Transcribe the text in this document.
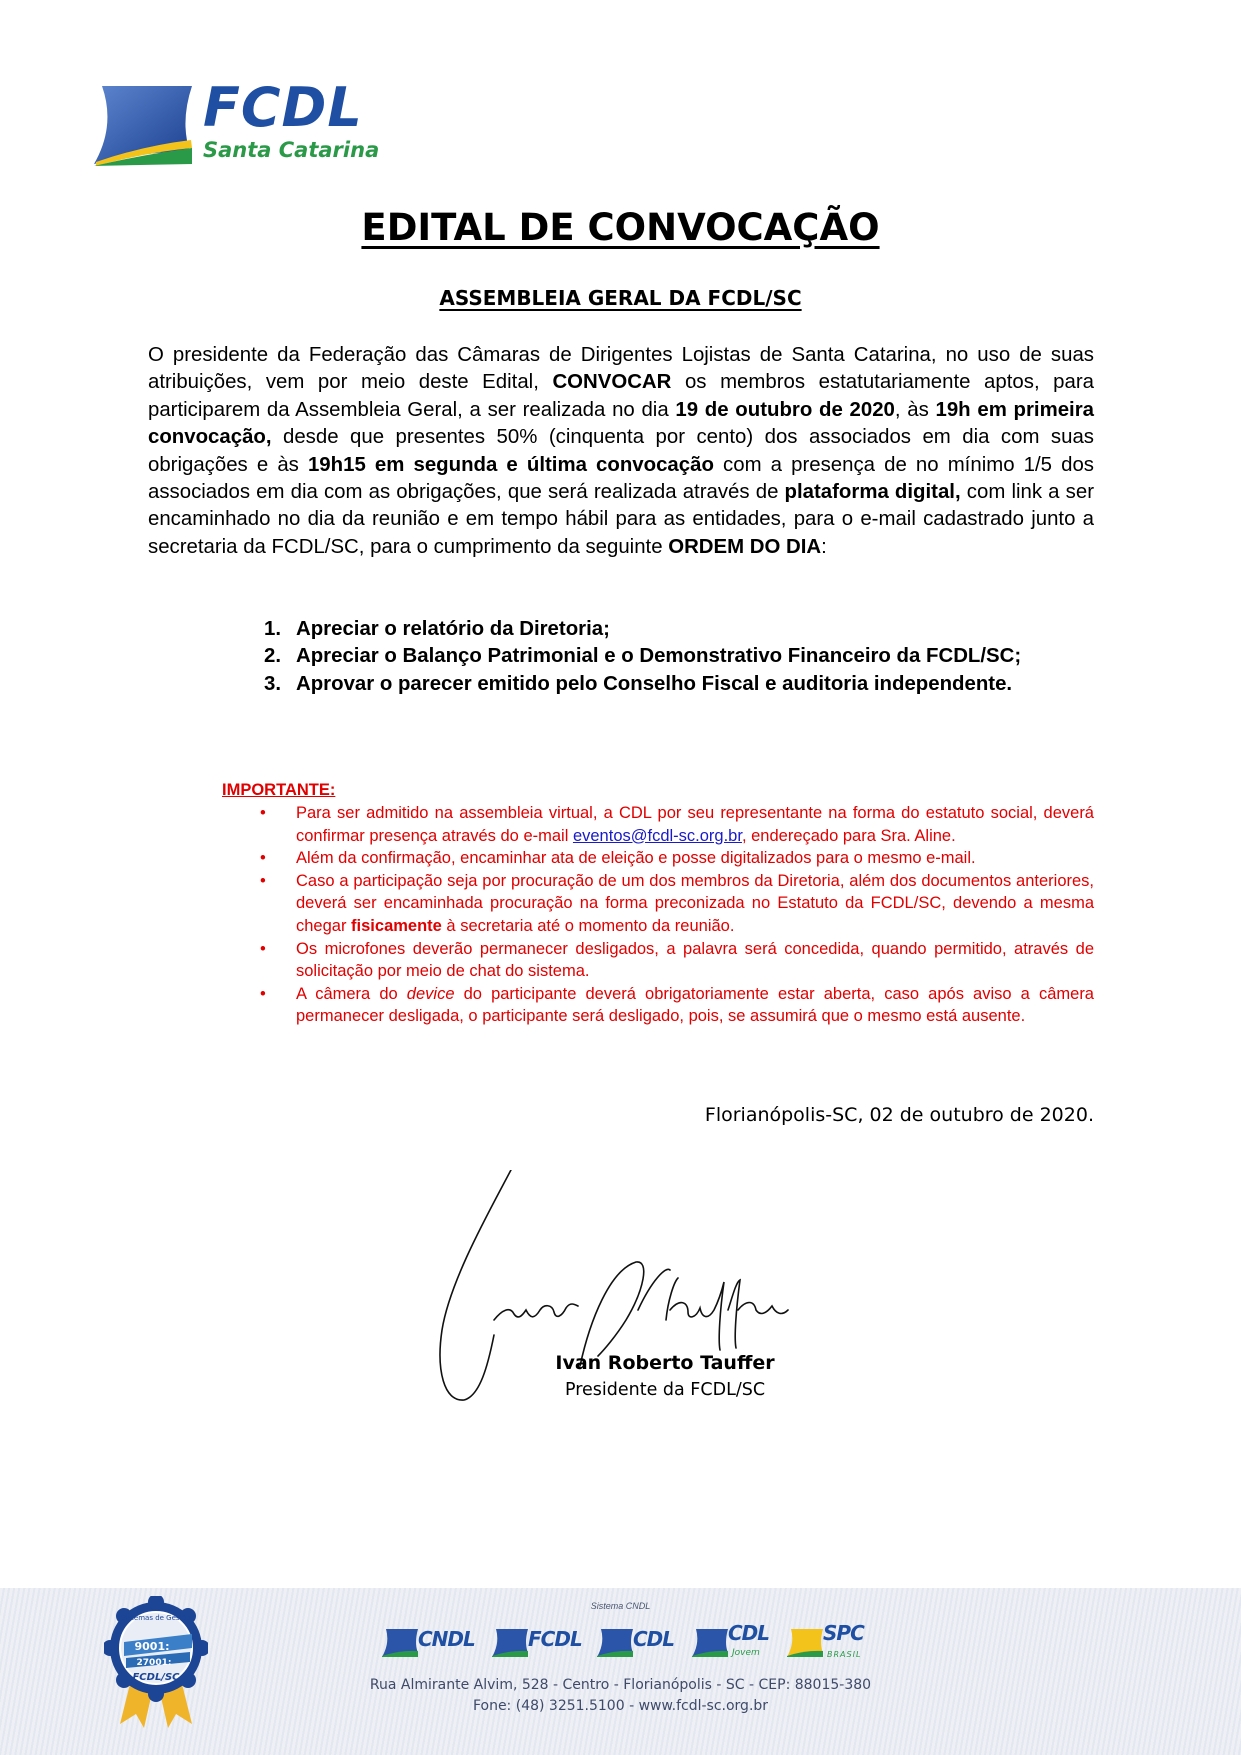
FCDL
Santa Catarina
EDITAL DE CONVOCAÇÃO
ASSEMBLEIA GERAL DA FCDL/SC
O presidente da Federação das Câmaras de Dirigentes Lojistas de Santa Catarina, no uso de suas atribuições, vem por meio deste Edital, CONVOCAR os membros estatutariamente aptos, para participarem da Assembleia Geral, a ser realizada no dia 19 de outubro de 2020, às 19h em primeira convocação, desde que presentes 50% (cinquenta por cento) dos associados em dia com suas obrigações e às 19h15 em segunda e última convocação com a presença de no mínimo 1/5 dos associados em dia com as obrigações, que será realizada através de plataforma digital, com link a ser encaminhado no dia da reunião e em tempo hábil para as entidades, para o e-mail cadastrado junto a secretaria da FCDL/SC, para o cumprimento da seguinte ORDEM DO DIA:
1. Apreciar o relatório da Diretoria;
2. Apreciar o Balanço Patrimonial e o Demonstrativo Financeiro da FCDL/SC;
3. Aprovar o parecer emitido pelo Conselho Fiscal e auditoria independente.
IMPORTANTE:
• Para ser admitido na assembleia virtual, a CDL por seu representante na forma do estatuto social, deverá confirmar presença através do e-mail eventos@fcdl-sc.org.br, endereçado para Sra. Aline.
• Além da confirmação, encaminhar ata de eleição e posse digitalizados para o mesmo e-mail.
• Caso a participação seja por procuração de um dos membros da Diretoria, além dos documentos anteriores, deverá ser encaminhada procuração na forma preconizada no Estatuto da FCDL/SC, devendo a mesma chegar fisicamente à secretaria até o momento da reunião.
• Os microfones deverão permanecer desligados, a palavra será concedida, quando permitido, através de solicitação por meio de chat do sistema.
• A câmera do device do participante deverá obrigatoriamente estar aberta, caso após aviso a câmera permanecer desligada, o participante será desligado, pois, se assumirá que o mesmo está ausente.
Florianópolis-SC, 02 de outubro de 2020.
Ivan Roberto Tauffer
Presidente da FCDL/SC
Sistemas de Gestão
9001:
27001:
FCDL/SC
Sistema CNDL
CNDL	FCDL	CDL	CDL
Jovem
SPC
BRASIL
Rua Almirante Alvim, 528 - Centro - Florianópolis - SC - CEP: 88015-380
Fone: (48) 3251.5100 - www.fcdl-sc.org.br
